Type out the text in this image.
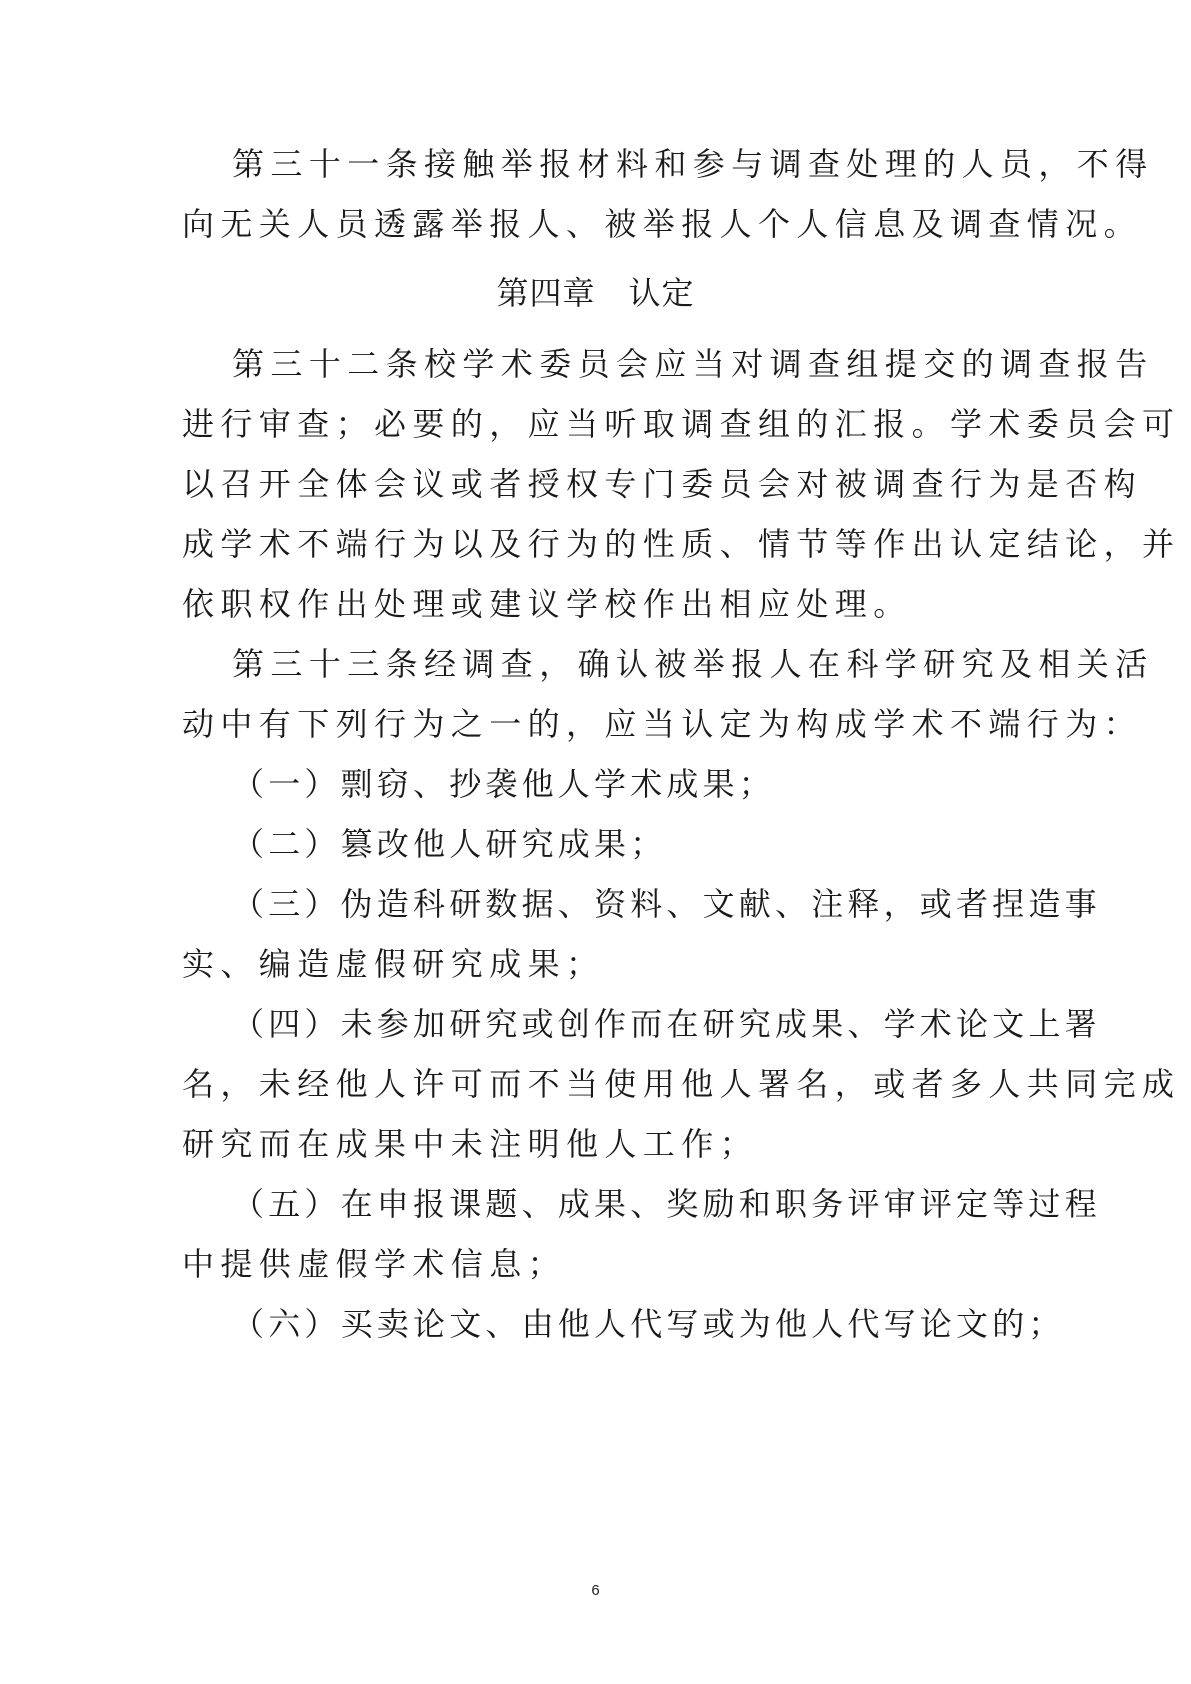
第三十一条接触举报材料和参与调查处理的人员，不得

向无关人员透露举报人、被举报人个人信息及调查情况。

第四章　认定

第三十二条校学术委员会应当对调查组提交的调查报告

进行审查；必要的，应当听取调查组的汇报。学术委员会可

以召开全体会议或者授权专门委员会对被调查行为是否构

成学术不端行为以及行为的性质、情节等作出认定结论，并

依职权作出处理或建议学校作出相应处理。

第三十三条经调查，确认被举报人在科学研究及相关活

动中有下列行为之一的，应当认定为构成学术不端行为：

（一）剽窃、抄袭他人学术成果；

（二）篡改他人研究成果；

（三）伪造科研数据、资料、文献、注释，或者捏造事

实、编造虚假研究成果；

（四）未参加研究或创作而在研究成果、学术论文上署

名，未经他人许可而不当使用他人署名，或者多人共同完成

研究而在成果中未注明他人工作；

（五）在申报课题、成果、奖励和职务评审评定等过程

中提供虚假学术信息；

（六）买卖论文、由他人代写或为他人代写论文的；

6
